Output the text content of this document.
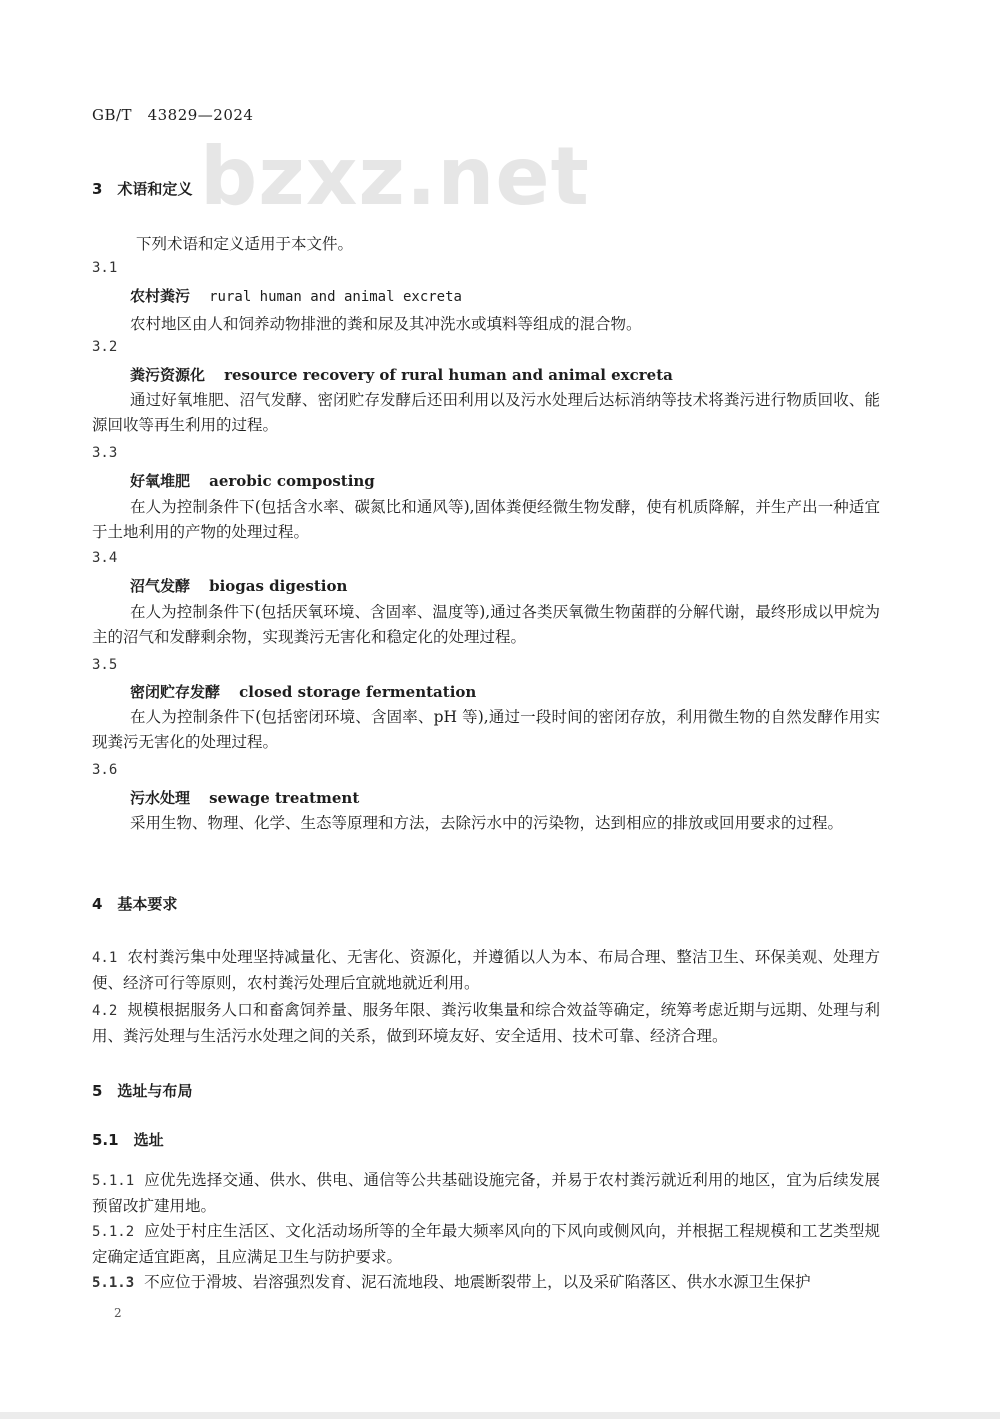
GB/T　43829—2024
bzxz.net
3　术语和定义
下列术语和定义适用于本文件。
3.1
农村粪污 rural human and animal excreta
农村地区由人和饲养动物排泄的粪和尿及其冲洗水或填料等组成的混合物。
3.2
粪污资源化 resource recovery of rural human and animal excreta
通过好氧堆肥、沼气发酵、密闭贮存发酵后还田利用以及污水处理后达标消纳等技术将粪污进行物质回收、能源回收等再生利用的过程。
3.3
好氧堆肥 aerobic composting
在人为控制条件下(包括含水率、碳氮比和通风等),固体粪便经微生物发酵，使有机质降解，并生产出一种适宜于土地利用的产物的处理过程。
3.4
沼气发酵 biogas digestion
在人为控制条件下(包括厌氧环境、含固率、温度等),通过各类厌氧微生物菌群的分解代谢，最终形成以甲烷为主的沼气和发酵剩余物，实现粪污无害化和稳定化的处理过程。
3.5
密闭贮存发酵 closed storage fermentation
在人为控制条件下(包括密闭环境、含固率、pH 等),通过一段时间的密闭存放，利用微生物的自然发酵作用实现粪污无害化的处理过程。
3.6
污水处理 sewage treatment
采用生物、物理、化学、生态等原理和方法，去除污水中的污染物，达到相应的排放或回用要求的过程。
4　基本要求
4.1 农村粪污集中处理坚持减量化、无害化、资源化，并遵循以人为本、布局合理、整洁卫生、环保美观、处理方便、经济可行等原则，农村粪污处理后宜就地就近利用。
4.2 规模根据服务人口和畜禽饲养量、服务年限、粪污收集量和综合效益等确定，统筹考虑近期与远期、处理与利用、粪污处理与生活污水处理之间的关系，做到环境友好、安全适用、技术可靠、经济合理。
5　选址与布局
5.1　选址
5.1.1 应优先选择交通、供水、供电、通信等公共基础设施完备，并易于农村粪污就近利用的地区，宜为后续发展预留改扩建用地。
5.1.2 应处于村庄生活区、文化活动场所等的全年最大频率风向的下风向或侧风向，并根据工程规模和工艺类型规定确定适宜距离，且应满足卫生与防护要求。
5.1.3 不应位于滑坡、岩溶强烈发育、泥石流地段、地震断裂带上，以及采矿陷落区、供水水源卫生保护
2
